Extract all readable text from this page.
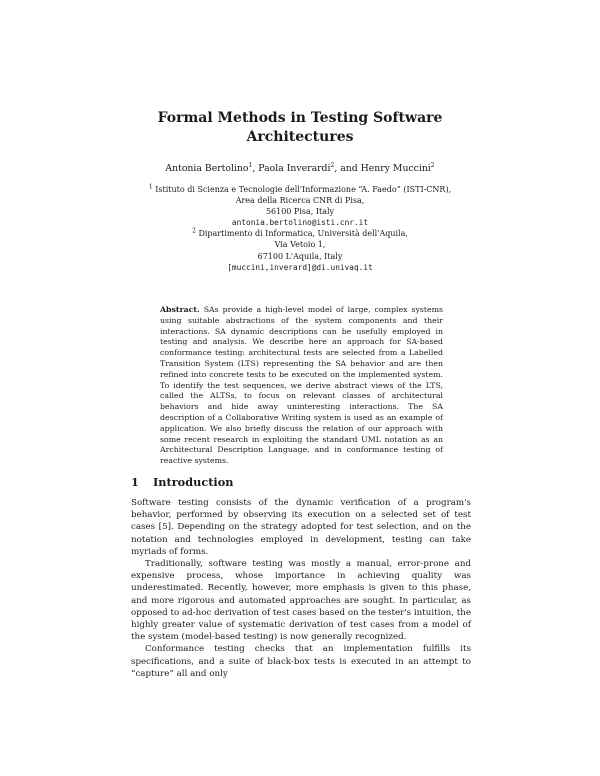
Formal Methods in Testing Software
Architectures
Antonia Bertolino$^1$, Paola Inverardi$^2$, and Henry Muccini$^2$
$^1$ Istituto di Scienza e Tecnologie dell'Informazione “A. Faedo” (ISTI-CNR),
Area della Ricerca CNR di Pisa,
56100 Pisa, Italy
antonia.bertolino@isti.cnr.it
$^2$ Dipartimento di Informatica, Università dell'Aquila,
Via Vetoio 1,
67100 L'Aquila, Italy
[muccini,inverard]@di.univaq.it
Abstract. SAs provide a high-level model of large, complex systems using suitable abstractions of the system components and their interactions. SA dynamic descriptions can be usefully employed in testing and analysis. We describe here an approach for SA-based conformance testing: architectural tests are selected from a Labelled Transition System (LTS) representing the SA behavior and are then refined into concrete tests to be executed on the implemented system. To identify the test sequences, we derive abstract views of the LTS, called the ALTSs, to focus on relevant classes of architectural behaviors and hide away uninteresting interactions. The SA description of a Collaborative Writing system is used as an example of application. We also briefly discuss the relation of our approach with some recent research in exploiting the standard UML notation as an Architectural Description Language, and in conformance testing of reactive systems.
1 Introduction

Software testing consists of the dynamic verification of a program's behavior, performed by observing its execution on a selected set of test cases [5]. Depending on the strategy adopted for test selection, and on the notation and technologies employed in development, testing can take myriads of forms.

Traditionally, software testing was mostly a manual, error-prone and expensive process, whose importance in achieving quality was underestimated. Recently, however, more emphasis is given to this phase, and more rigorous and automated approaches are sought. In particular, as opposed to ad-hoc derivation of test cases based on the tester's intuition, the highly greater value of systematic derivation of test cases from a model of the system (model-based testing) is now generally recognized.

Conformance testing checks that an implementation fulfills its specifications, and a suite of black-box tests is executed in an attempt to “capture” all and only
